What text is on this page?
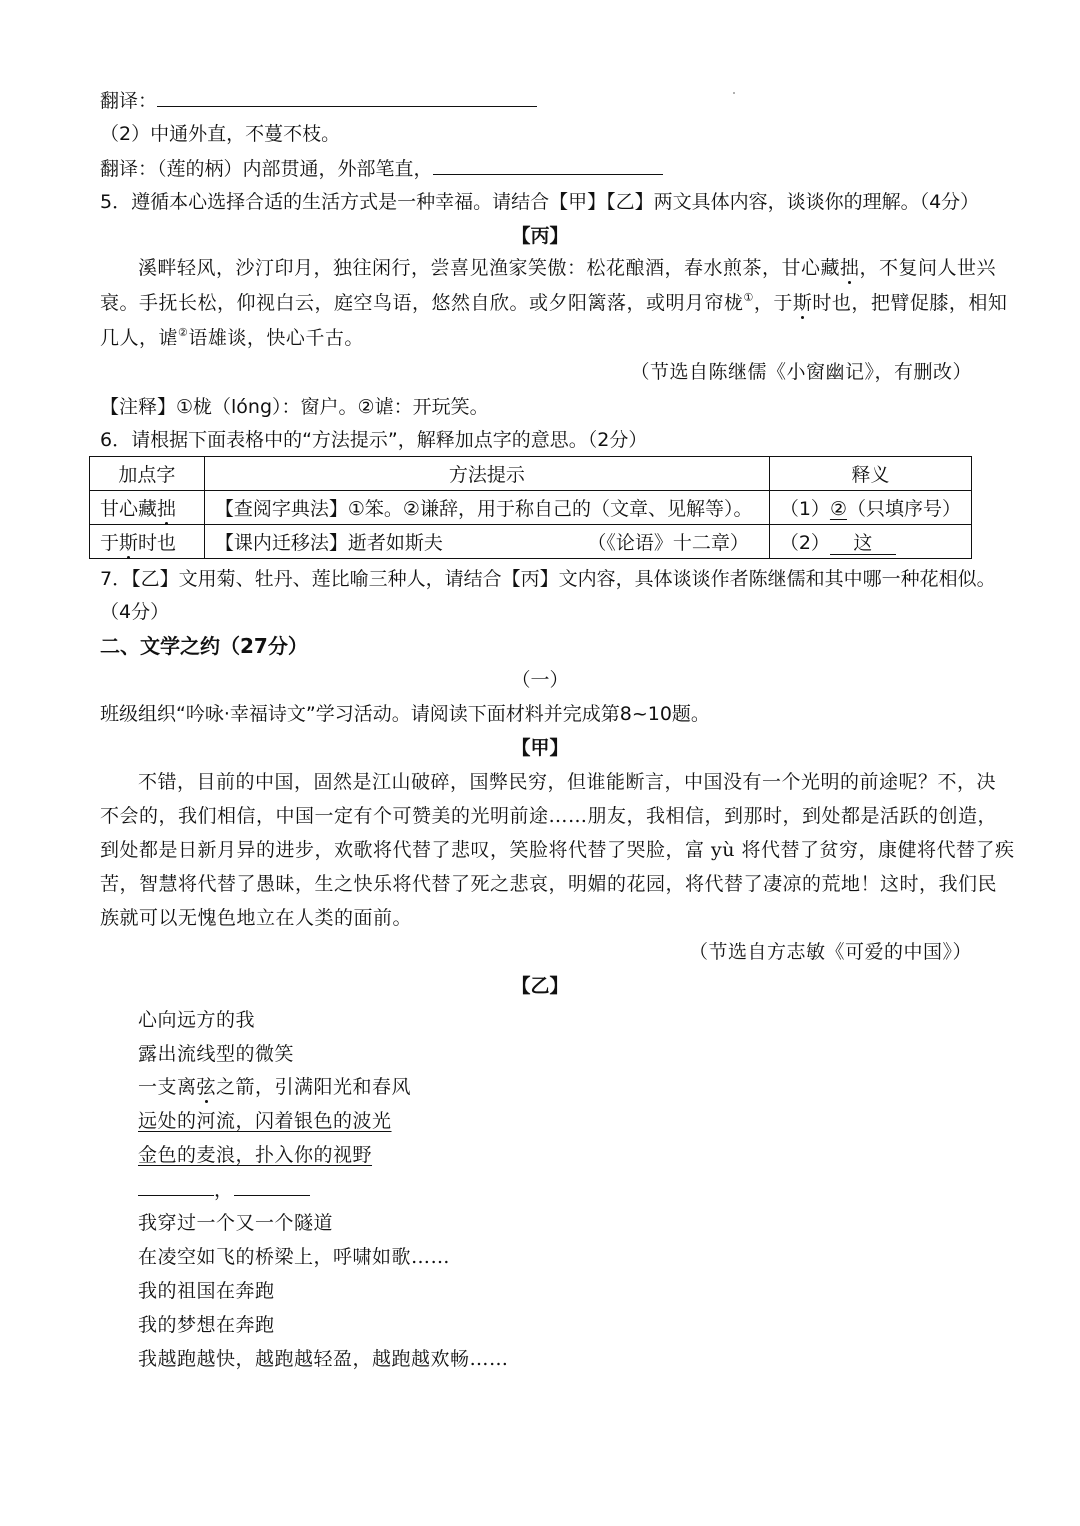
翻译：
（2）中通外直，不蔓不枝。
翻译：（莲的柄）内部贯通，外部笔直，
5．遵循本心选择合适的生活方式是一种幸福。请结合【甲】【乙】两文具体内容，谈谈你的理解。（4分）
【丙】
溪畔轻风，沙汀印月，独往闲行，尝喜见渔家笑傲：松花酿酒，春水煎茶，甘心藏拙，不复问人世兴
衰。手抚长松，仰视白云，庭空鸟语，悠然自欣。或夕阳篱落，或明月帘栊①，于斯时也，把臂促膝，相知
几人，谑②语雄谈，快心千古。
（节选自陈继儒《小窗幽记》，有删改）
【注释】①栊（lóng）：窗户。②谑：开玩笑。
6．请根据下面表格中的“方法提示”，解释加点字的意思。（2分）
加点字	方法提示	释义
甘心藏拙	【查阅字典法】①笨。②谦辞，用于称自己的（文章、见解等）。	（1）②（只填序号）
于斯时也	【课内迁移法】逝者如斯夫 （《论语》十二章）	（2） 这
7．【乙】文用菊、牡丹、莲比喻三种人，请结合【丙】文内容，具体谈谈作者陈继儒和其中哪一种花相似。
（4分）
二、文学之约（27分）
（一）
班级组织“吟咏·幸福诗文”学习活动。请阅读下面材料并完成第8~10题。
【甲】
不错，目前的中国，固然是江山破碎，国弊民穷，但谁能断言，中国没有一个光明的前途呢？不，决
不会的，我们相信，中国一定有个可赞美的光明前途……朋友，我相信，到那时，到处都是活跃的创造，
到处都是日新月异的进步，欢歌将代替了悲叹，笑脸将代替了哭脸，富 yù 将代替了贫穷，康健将代替了疾
苦，智慧将代替了愚昧，生之快乐将代替了死之悲哀，明媚的花园，将代替了凄凉的荒地！这时，我们民
族就可以无愧色地立在人类的面前。
（节选自方志敏《可爱的中国》）
【乙】
心向远方的我
露出流线型的微笑
一支离弦之箭，引满阳光和春风
远处的河流，闪着银色的波光
金色的麦浪，扑入你的视野
，
我穿过一个又一个隧道
在凌空如飞的桥梁上，呼啸如歌……
我的祖国在奔跑
我的梦想在奔跑
我越跑越快，越跑越轻盈，越跑越欢畅……
